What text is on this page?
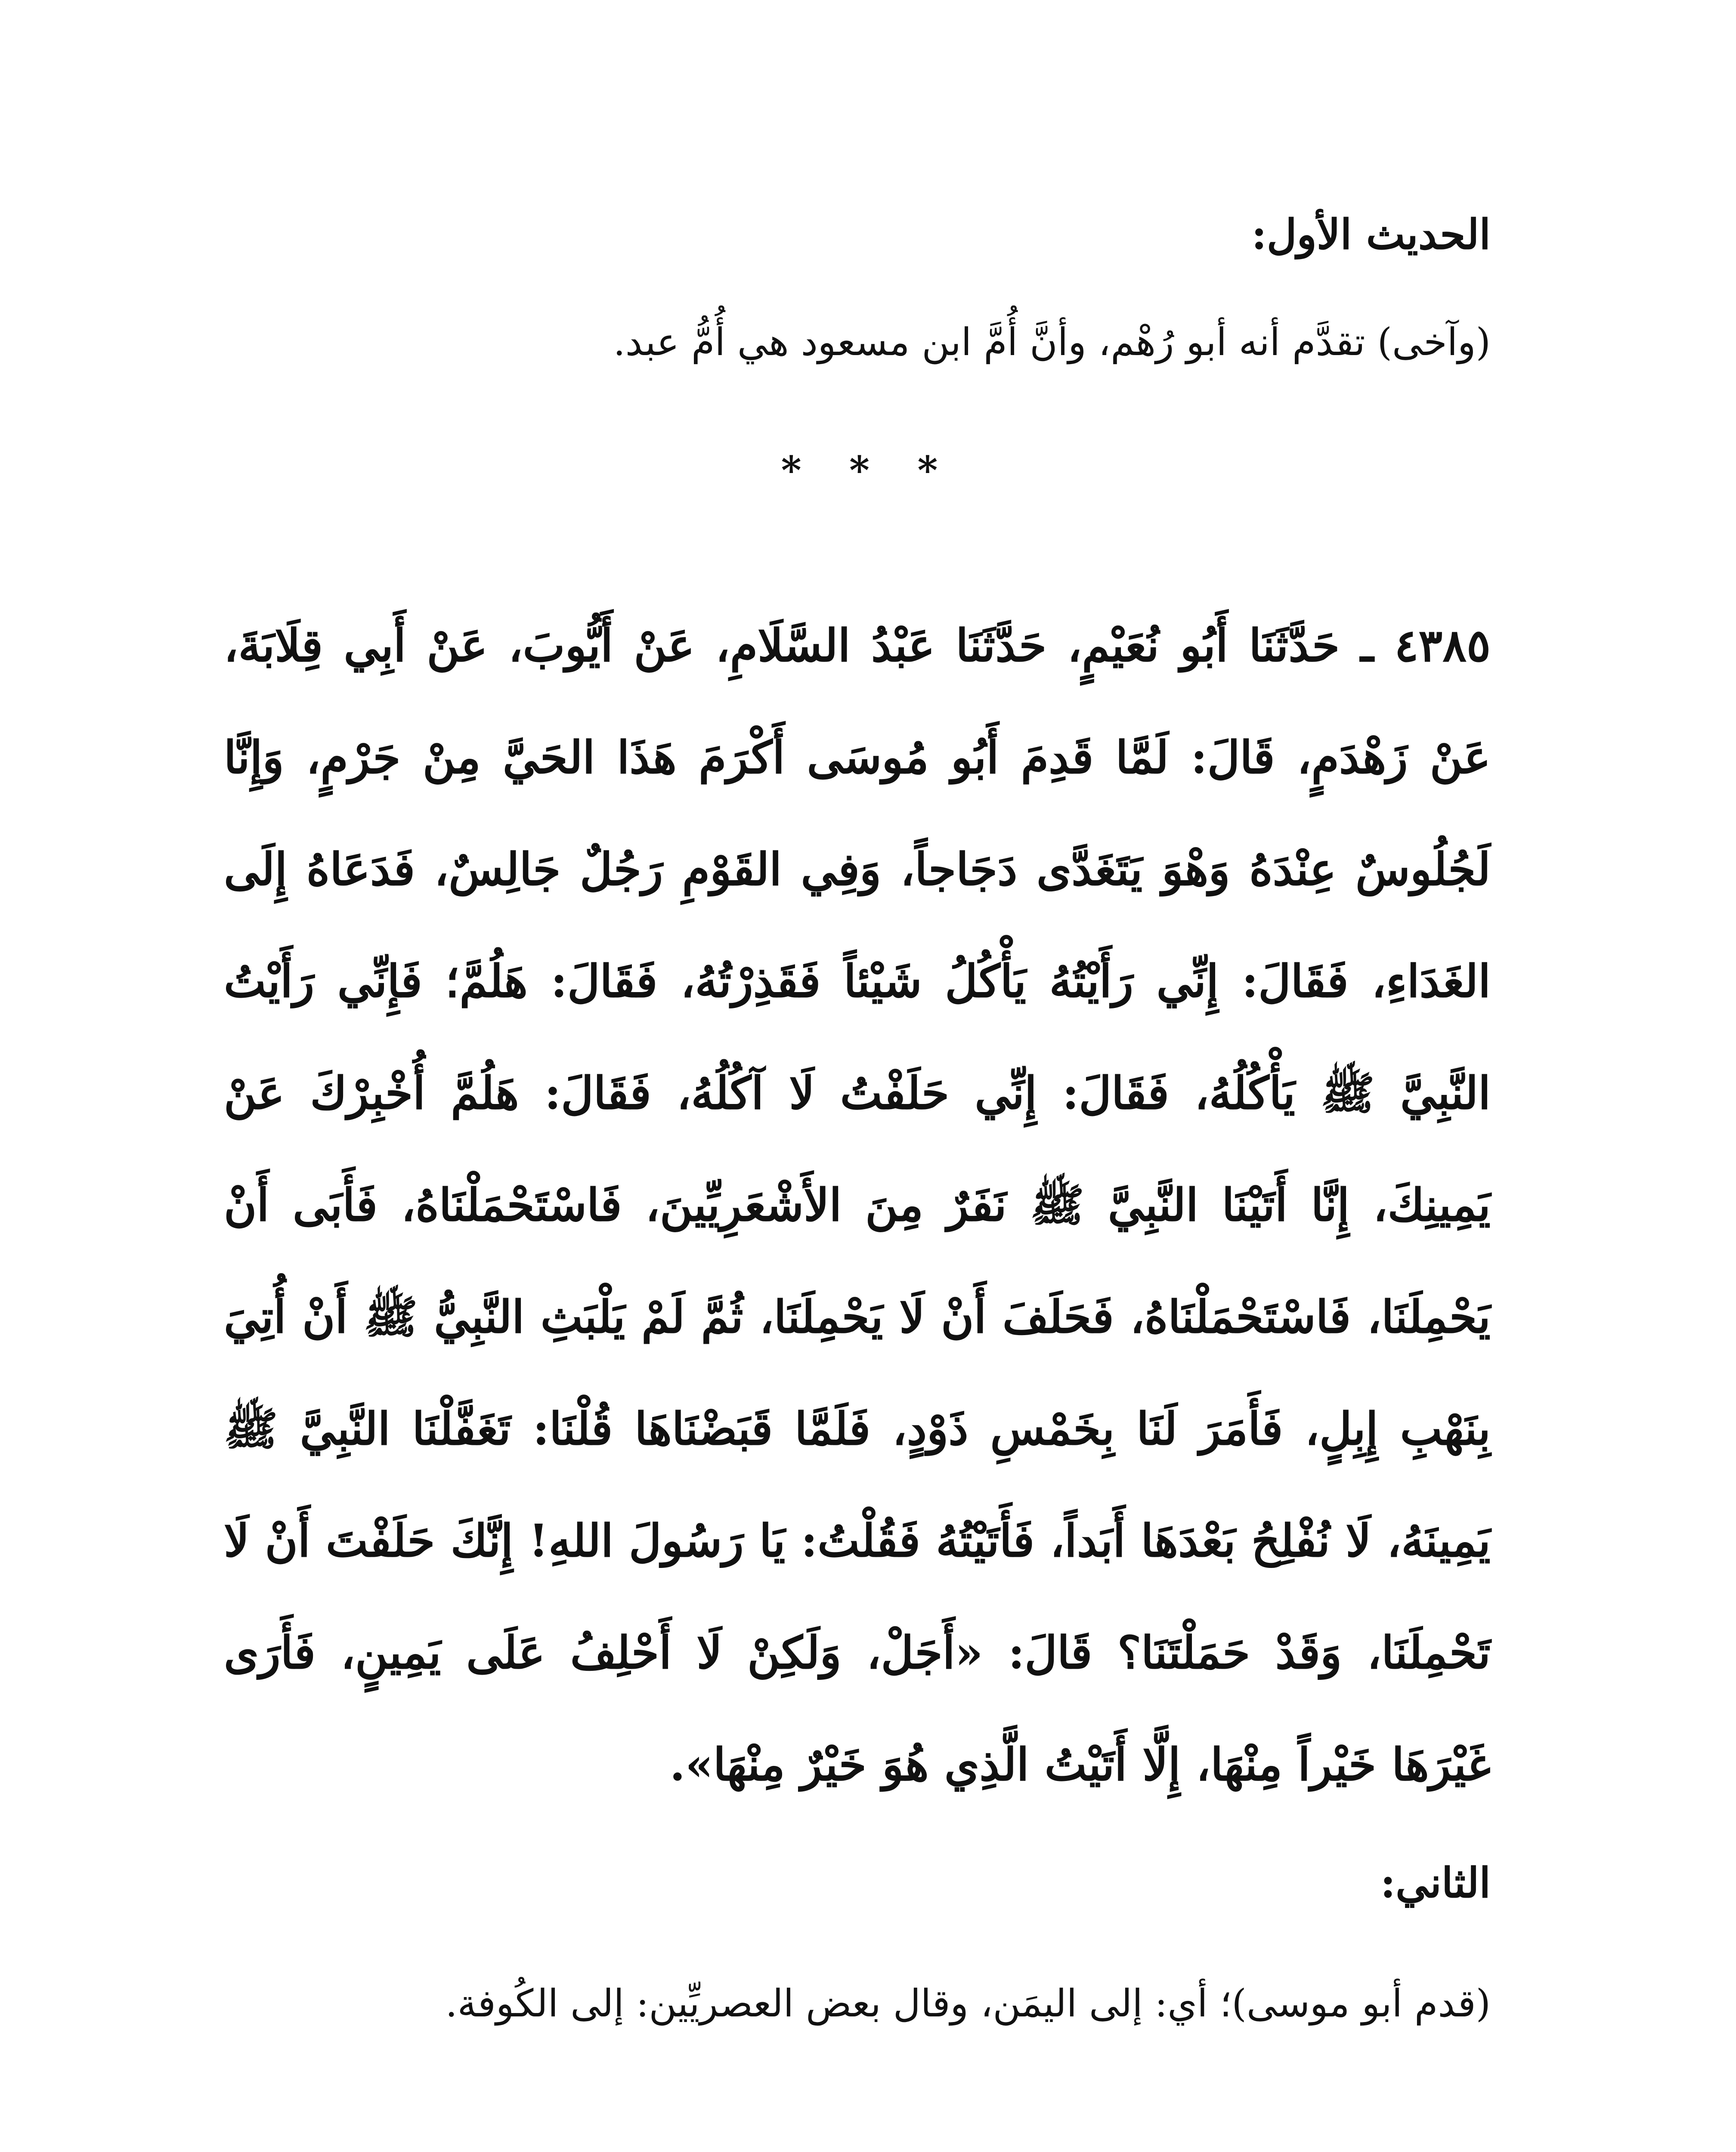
الحديث الأول:
(وآخى) تقدَّم أنه أبو رُهْم، وأنَّ أُمَّ ابن مسعود هي أُمُّ عبد.
* * *
٤٣٨٥ ـ حَدَّثَنَا أَبُو نُعَيْمٍ، حَدَّثَنَا عَبْدُ السَّلَامِ، عَنْ أَيُّوبَ، عَنْ أَبِي قِلَابَةَ، عَنْ زَهْدَمٍ، قَالَ: لَمَّا قَدِمَ أَبُو مُوسَى أَكْرَمَ هَذَا الحَيَّ مِنْ جَرْمٍ، وَإِنَّا لَجُلُوسٌ عِنْدَهُ وَهْوَ يَتَغَدَّى دَجَاجاً، وَفِي القَوْمِ رَجُلٌ جَالِسٌ، فَدَعَاهُ إِلَى الغَدَاءِ، فَقَالَ: إِنِّي رَأَيْتُهُ يَأْكُلُ شَيْئاً فَقَذِرْتُهُ، فَقَالَ: هَلُمَّ؛ فَإِنِّي رَأَيْتُ النَّبِيَّ ﷺ يَأْكُلُهُ، فَقَالَ: إِنِّي حَلَفْتُ لَا آكُلُهُ، فَقَالَ: هَلُمَّ أُخْبِرْكَ عَنْ يَمِينِكَ، إِنَّا أَتَيْنَا النَّبِيَّ ﷺ نَفَرٌ مِنَ الأَشْعَرِيِّينَ، فَاسْتَحْمَلْنَاهُ، فَأَبَى أَنْ يَحْمِلَنَا، فَاسْتَحْمَلْنَاهُ، فَحَلَفَ أَنْ لَا يَحْمِلَنَا، ثُمَّ لَمْ يَلْبَثِ النَّبِيُّ ﷺ أَنْ أُتِيَ بِنَهْبِ إِبِلٍ، فَأَمَرَ لَنَا بِخَمْسِ ذَوْدٍ، فَلَمَّا قَبَضْنَاهَا قُلْنَا: تَغَفَّلْنَا النَّبِيَّ ﷺ يَمِينَهُ، لَا نُفْلِحُ بَعْدَهَا أَبَداً، فَأَتَيْتُهُ فَقُلْتُ: يَا رَسُولَ اللهِ! إِنَّكَ حَلَفْتَ أَنْ لَا تَحْمِلَنَا، وَقَدْ حَمَلْتَنَا؟ قَالَ: «أَجَلْ، وَلَكِنْ لَا أَحْلِفُ عَلَى يَمِينٍ، فَأَرَى غَيْرَهَا خَيْراً مِنْهَا، إِلَّا أَتَيْتُ الَّذِي هُوَ خَيْرٌ مِنْهَا».
الثاني:
(قدم أبو موسى)؛ أي: إلى اليمَن، وقال بعض العصريِّين: إلى الكُوفة.
